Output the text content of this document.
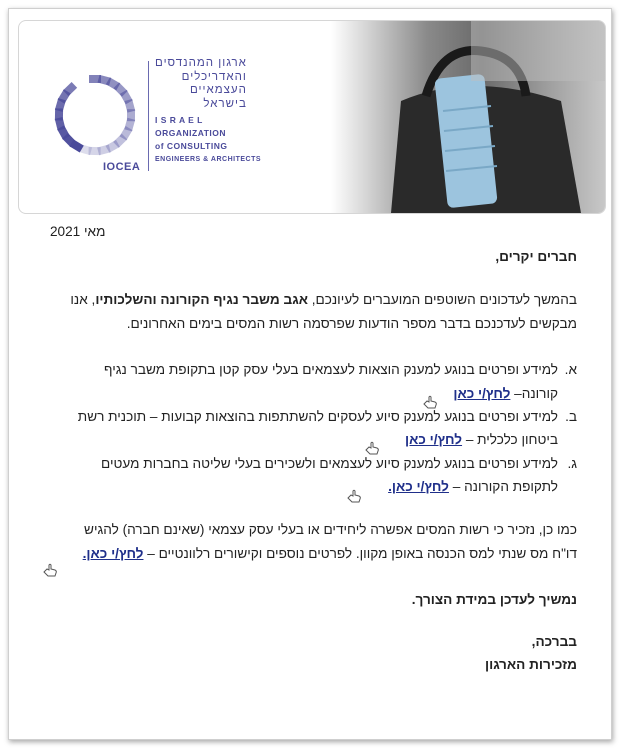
ארגון המהנדסים
והאדריכלים
העצמאיים
בישראל
I S R A E L
ORGANIZATION
of CONSULTING
ENGINEERS & ARCHITECTS
IOCEA
מאי 2021
חברים יקרים,
בהמשך לעדכונים השוטפים המועברים לעיונכם, אגב משבר נגיף הקורונה והשלכותיו, אנו
מבקשים לעדכנכם בדבר מספר הודעות שפרסמה רשות המסים בימים האחרונים.
א.
למידע ופרטים בנוגע למענק הוצאות לעצמאים בעלי עסק קטן בתקופת משבר נגיף
קורונה– לחץ/י כאן
ב.
למידע ופרטים בנוגע למענק סיוע לעסקים להשתתפות בהוצאות קבועות – תוכנית רשת
ביטחון כלכלית – לחץ/י כאן
ג.
למידע ופרטים בנוגע למענק סיוע לעצמאים ולשכירים בעלי שליטה בחברות מעטים
לתקופת הקורונה – לחץ/י כאן.
כמו כן, נזכיר כי רשות המסים אפשרה ליחידים או בעלי עסק עצמאי (שאינם חברה) להגיש
דו"ח מס שנתי למס הכנסה באופן מקוון. לפרטים נוספים וקישורים רלוונטיים – לחץ/י כאן.
נמשיך לעדכן במידת הצורך.
בברכה,
מזכירות הארגון
